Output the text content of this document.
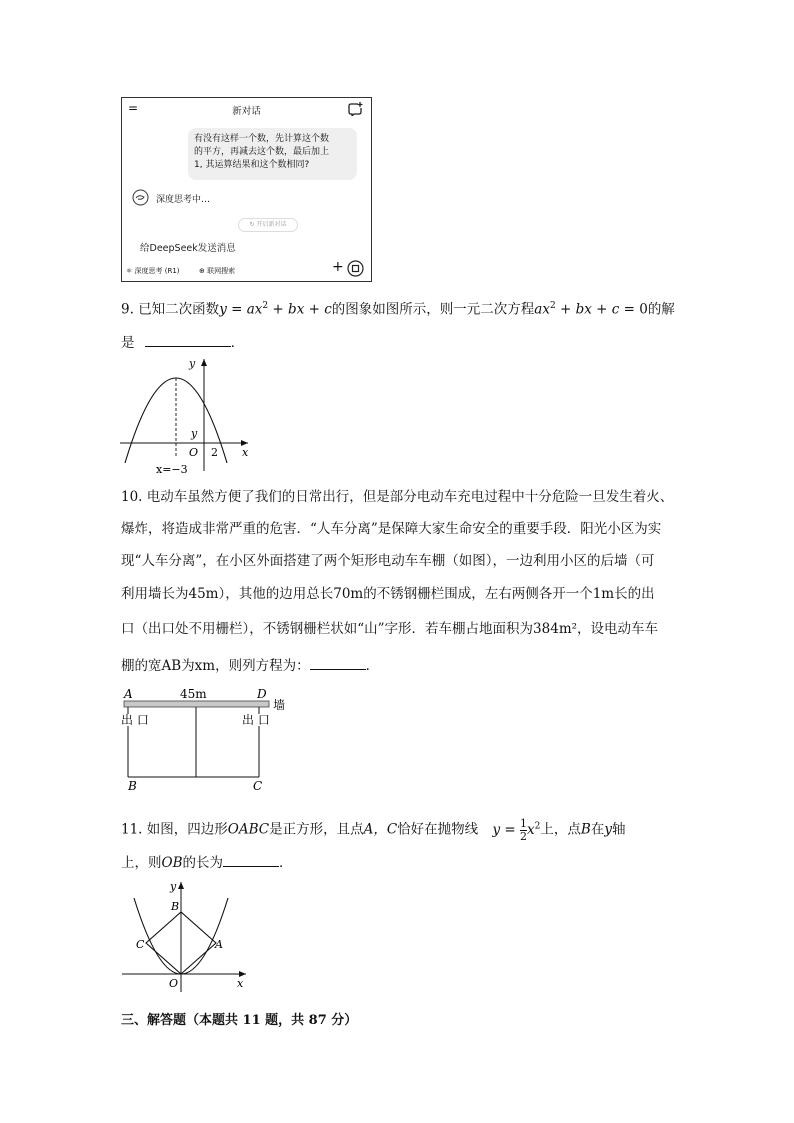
=	新对话
有没有这样一个数，先计算这个数
的平方，再减去这个数，最后加上
1, 其运算结果和这个数相同?
深度思考中…
↻ 开启新对话
给DeepSeek发送消息
⚛ 深度思考 (R1)	⊕ 联网搜索	+
9. 已知二次函数$y = ax^2$ + bx + c的图象如图所示，则一元二次方程$ax^2$ + bx + c = 0的解
是	．
y
x
O 2
x=−3
y
10. 电动车虽然方便了我们的日常出行，但是部分电动车充电过程中十分危险一旦发生着火、
爆炸，将造成非常严重的危害．“人车分离”是保障大家生命安全的重要手段．阳光小区为实
现“人车分离”，在小区外面搭建了两个矩形电动车车棚（如图），一边利用小区的后墙（可
利用墙长为45m），其他的边用总长70m的不锈钢栅栏围成，左右两侧各开一个1m长的出
口（出口处不用栅栏），不锈钢栅栏状如“山”字形．若车棚占地面积为384m²，设电动车车
棚的宽AB为xm，则列方程为：	．
A	45m	D
墙
出 口	出 口
B	C
11. 如图，四边形OABC是正方形，且点A，C恰好在抛物线 $y = \frac{1}{2} x^2$上，点B在y轴
上，则OB的长为	．
y
x
O
B
A
C
三、解答题（本题共 11 题，共 87 分）
